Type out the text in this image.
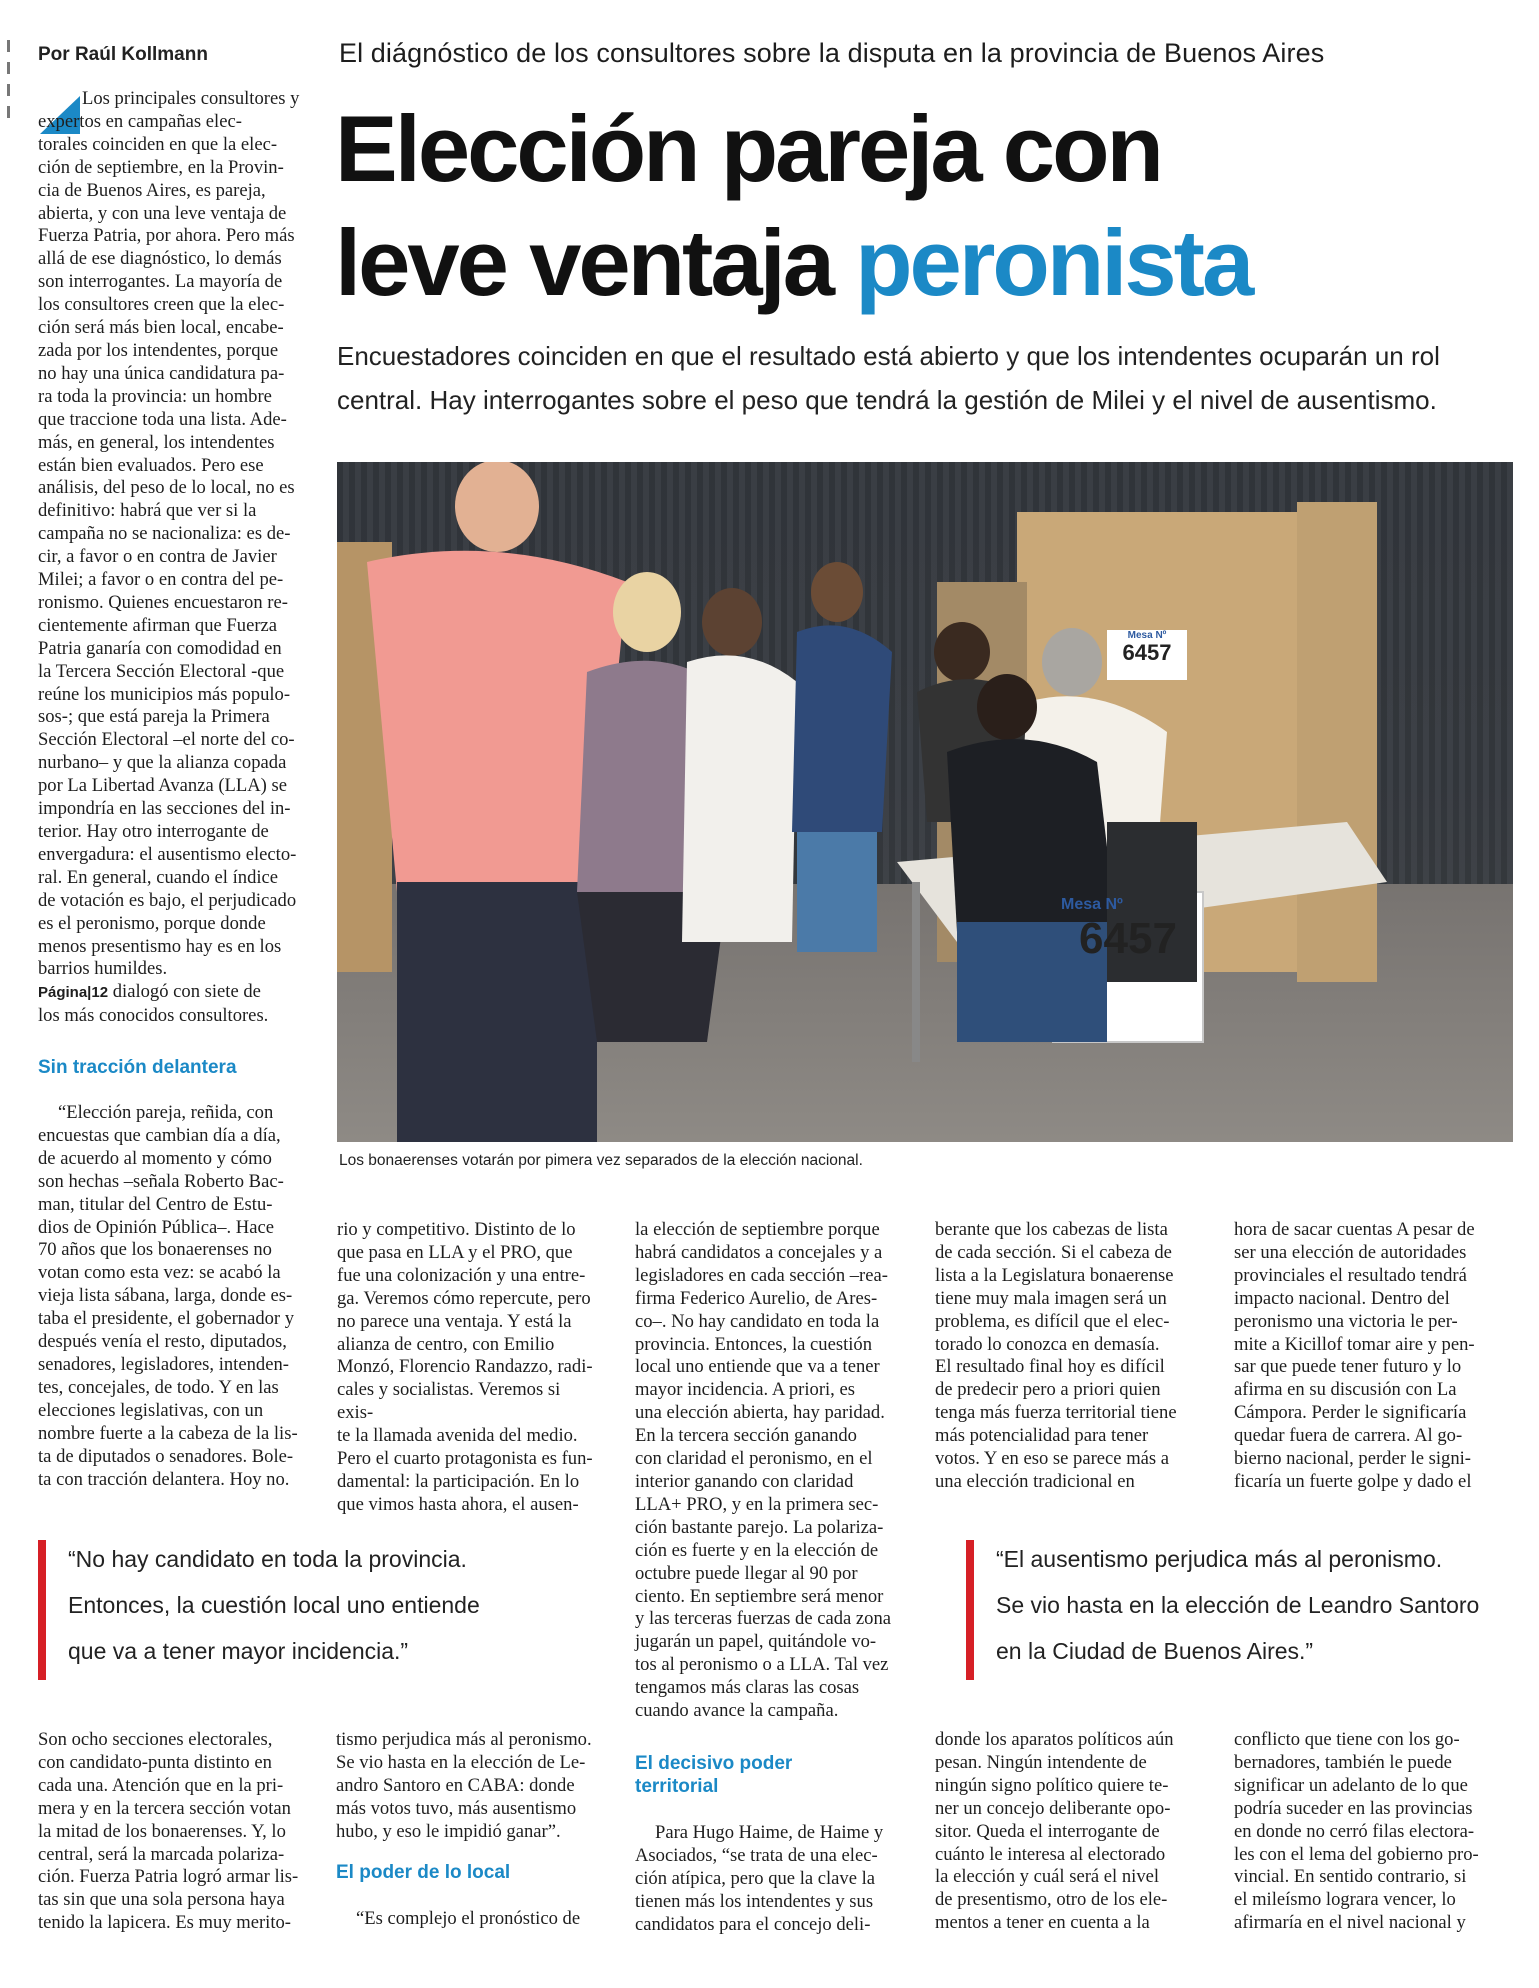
Por Raúl Kollmann	El diágnóstico de los consultores sobre la disputa en la provincia de Buenos Aires
Elección pareja con
leve ventaja peronista
Encuestadores coinciden en que el resultado está abierto y que los intendentes ocuparán un rol
central. Hay interrogantes sobre el peso que tendrá la gestión de Milei y el nivel de ausentismo.
Los principales consultores y
expertos en campañas elec-
torales coinciden en que la elec-
ción de septiembre, en la Provin-
cia de Buenos Aires, es pareja,
abierta, y con una leve ventaja de
Fuerza Patria, por ahora. Pero más
allá de ese diagnóstico, lo demás
son interrogantes. La mayoría de
los consultores creen que la elec-
ción será más bien local, encabe-
zada por los intendentes, porque
no hay una única candidatura pa-
ra toda la provincia: un hombre
que traccione toda una lista. Ade-
más, en general, los intendentes
están bien evaluados. Pero ese
análisis, del peso de lo local, no es
definitivo: habrá que ver si la
campaña no se nacionaliza: es de-
cir, a favor o en contra de Javier
Milei; a favor o en contra del pe-
ronismo. Quienes encuestaron re-
cientemente afirman que Fuerza
Patria ganaría con comodidad en
la Tercera Sección Electoral -que
reúne los municipios más populo-
sos-; que está pareja la Primera
Sección Electoral –el norte del co-
nurbano– y que la alianza copada
por La Libertad Avanza (LLA) se
impondría en las secciones del in-
terior. Hay otro interrogante de
envergadura: el ausentismo electo-
ral. En general, cuando el índice
de votación es bajo, el perjudicado
es el peronismo, porque donde
menos presentismo hay es en los
barrios humildes.
Página|12 dialogó con siete de
los más conocidos consultores.
Sin tracción delantera
“Elección pareja, reñida, con
encuestas que cambian día a día,
de acuerdo al momento y cómo
son hechas –señala Roberto Bac-
man, titular del Centro de Estu-
dios de Opinión Pública–. Hace
70 años que los bonaerenses no
votan como esta vez: se acabó la
vieja lista sábana, larga, donde es-
taba el presidente, el gobernador y
después venía el resto, diputados,
senadores, legisladores, intenden-
tes, concejales, de todo. Y en las
elecciones legislativas, con un
nombre fuerte a la cabeza de la lis-
ta de diputados o senadores. Bole-
ta con tracción delantera. Hoy no.
Mesa Nº
6457
Mesa Nº
6457
Los bonaerenses votarán por pimera vez separados de la elección nacional.
rio y competitivo. Distinto de lo
que pasa en LLA y el PRO, que
fue una colonización y una entre-
ga. Veremos cómo repercute, pero
no parece una ventaja. Y está la
alianza de centro, con Emilio
Monzó, Florencio Randazzo, radi-
cales y socialistas. Veremos si exis-
te la llamada avenida del medio.
Pero el cuarto protagonista es fun-
damental: la participación. En lo
que vimos hasta ahora, el ausen-
la elección de septiembre porque
habrá candidatos a concejales y a
legisladores en cada sección –rea-
firma Federico Aurelio, de Ares-
co–. No hay candidato en toda la
provincia. Entonces, la cuestión
local uno entiende que va a tener
mayor incidencia. A priori, es
una elección abierta, hay paridad.
En la tercera sección ganando
con claridad el peronismo, en el
interior ganando con claridad
LLA+ PRO, y en la primera sec-
ción bastante parejo. La polariza-
ción es fuerte y en la elección de
octubre puede llegar al 90 por
ciento. En septiembre será menor
y las terceras fuerzas de cada zona
jugarán un papel, quitándole vo-
tos al peronismo o a LLA. Tal vez
tengamos más claras las cosas
cuando avance la campaña.
berante que los cabezas de lista
de cada sección. Si el cabeza de
lista a la Legislatura bonaerense
tiene muy mala imagen será un
problema, es difícil que el elec-
torado lo conozca en demasía.
El resultado final hoy es difícil
de predecir pero a priori quien
tenga más fuerza territorial tiene
más potencialidad para tener
votos. Y en eso se parece más a
una elección tradicional en
hora de sacar cuentas A pesar de
ser una elección de autoridades
provinciales el resultado tendrá
impacto nacional. Dentro del
peronismo una victoria le per-
mite a Kicillof tomar aire y pen-
sar que puede tener futuro y lo
afirma en su discusión con La
Cámpora. Perder le significaría
quedar fuera de carrera. Al go-
bierno nacional, perder le signi-
ficaría un fuerte golpe y dado el
“No hay candidato en toda la provincia.
Entonces, la cuestión local uno entiende
que va a tener mayor incidencia.”
“El ausentismo perjudica más al peronismo.
Se vio hasta en la elección de Leandro Santoro
en la Ciudad de Buenos Aires.”
Son ocho secciones electorales,
con candidato-punta distinto en
cada una. Atención que en la pri-
mera y en la tercera sección votan
la mitad de los bonaerenses. Y, lo
central, será la marcada polariza-
ción. Fuerza Patria logró armar lis-
tas sin que una sola persona haya
tenido la lapicera. Es muy merito-
tismo perjudica más al peronismo.
Se vio hasta en la elección de Le-
andro Santoro en CABA: donde
más votos tuvo, más ausentismo
hubo, y eso le impidió ganar”.
El poder de lo local
“Es complejo el pronóstico de
El decisivo poder
territorial
Para Hugo Haime, de Haime y
Asociados, “se trata de una elec-
ción atípica, pero que la clave la
tienen más los intendentes y sus
candidatos para el concejo deli-
donde los aparatos políticos aún
pesan. Ningún intendente de
ningún signo político quiere te-
ner un concejo deliberante opo-
sitor. Queda el interrogante de
cuánto le interesa al electorado
la elección y cuál será el nivel
de presentismo, otro de los ele-
mentos a tener en cuenta a la
conflicto que tiene con los go-
bernadores, también le puede
significar un adelanto de lo que
podría suceder en las provincias
en donde no cerró filas electora-
les con el lema del gobierno pro-
vincial. En sentido contrario, si
el mileísmo lograra vencer, lo
afirmaría en el nivel nacional y
